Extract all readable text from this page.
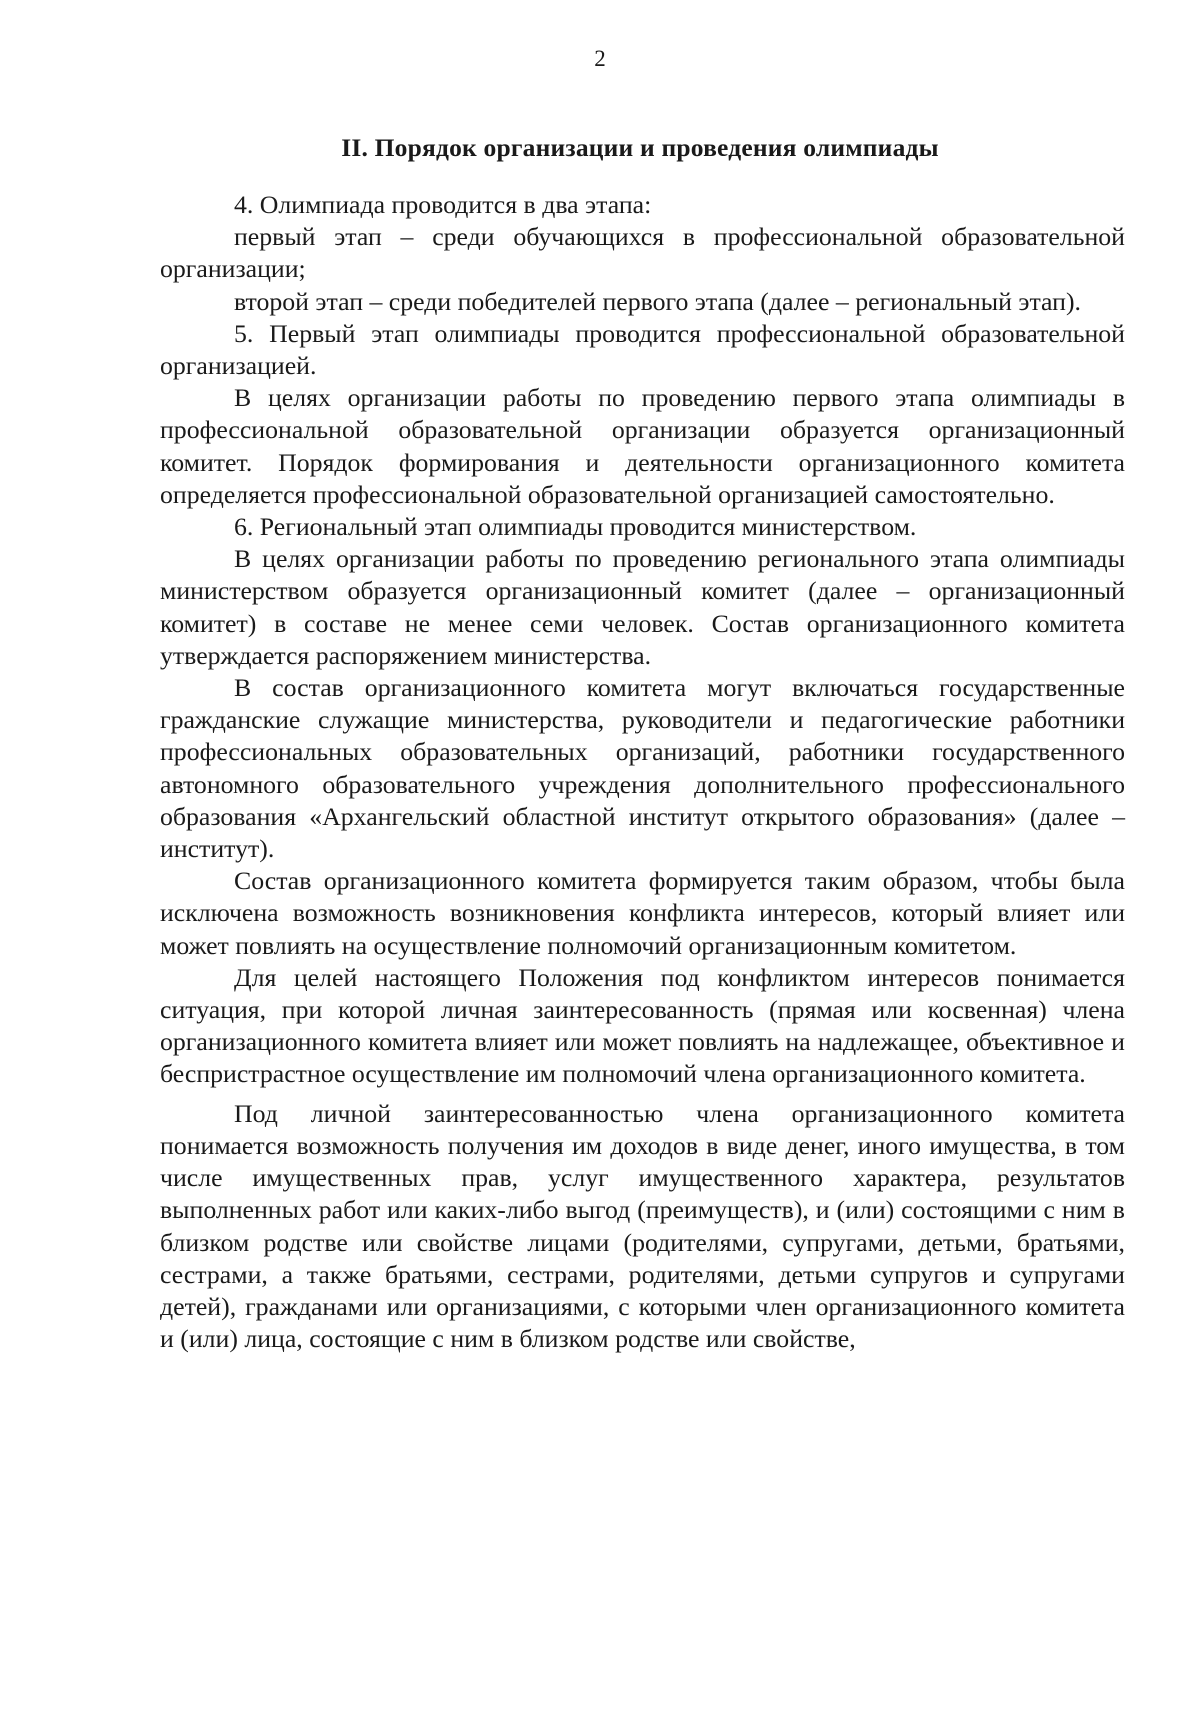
2
II. Порядок организации и проведения олимпиады

4. Олимпиада проводится в два этапа:

первый этап – среди обучающихся в профессиональной образовательной организации;

второй этап – среди победителей первого этапа (далее – региональный этап).

5. Первый этап олимпиады проводится профессиональной образовательной организацией.

В целях организации работы по проведению первого этапа олимпиады в профессиональной образовательной организации образуется организационный комитет. Порядок формирования и деятельности организационного комитета определяется профессиональной образовательной организацией самостоятельно.

6. Региональный этап олимпиады проводится министерством.

В целях организации работы по проведению регионального этапа олимпиады министерством образуется организационный комитет (далее – организационный комитет) в составе не менее семи человек. Состав организационного комитета утверждается распоряжением министерства.

В состав организационного комитета могут включаться государственные гражданские служащие министерства, руководители и педагогические работники профессиональных образовательных организаций, работники государственного автономного образовательного учреждения дополнительного профессионального образования «Архангельский областной институт открытого образования» (далее – институт).

Состав организационного комитета формируется таким образом, чтобы была исключена возможность возникновения конфликта интересов, который влияет или может повлиять на осуществление полномочий организационным комитетом.

Для целей настоящего Положения под конфликтом интересов понимается ситуация, при которой личная заинтересованность (прямая или косвенная) члена организационного комитета влияет или может повлиять на надлежащее, объективное и беспристрастное осуществление им полномочий члена организационного комитета.

Под личной заинтересованностью члена организационного комитета понимается возможность получения им доходов в виде денег, иного имущества, в том числе имущественных прав, услуг имущественного характера, результатов выполненных работ или каких-либо выгод (преимуществ), и (или) состоящими с ним в близком родстве или свойстве лицами (родителями, супругами, детьми, братьями, сестрами, а также братьями, сестрами, родителями, детьми супругов и супругами детей), гражданами или организациями, с которыми член организационного комитета и (или) лица, состоящие с ним в близком родстве или свойстве,
